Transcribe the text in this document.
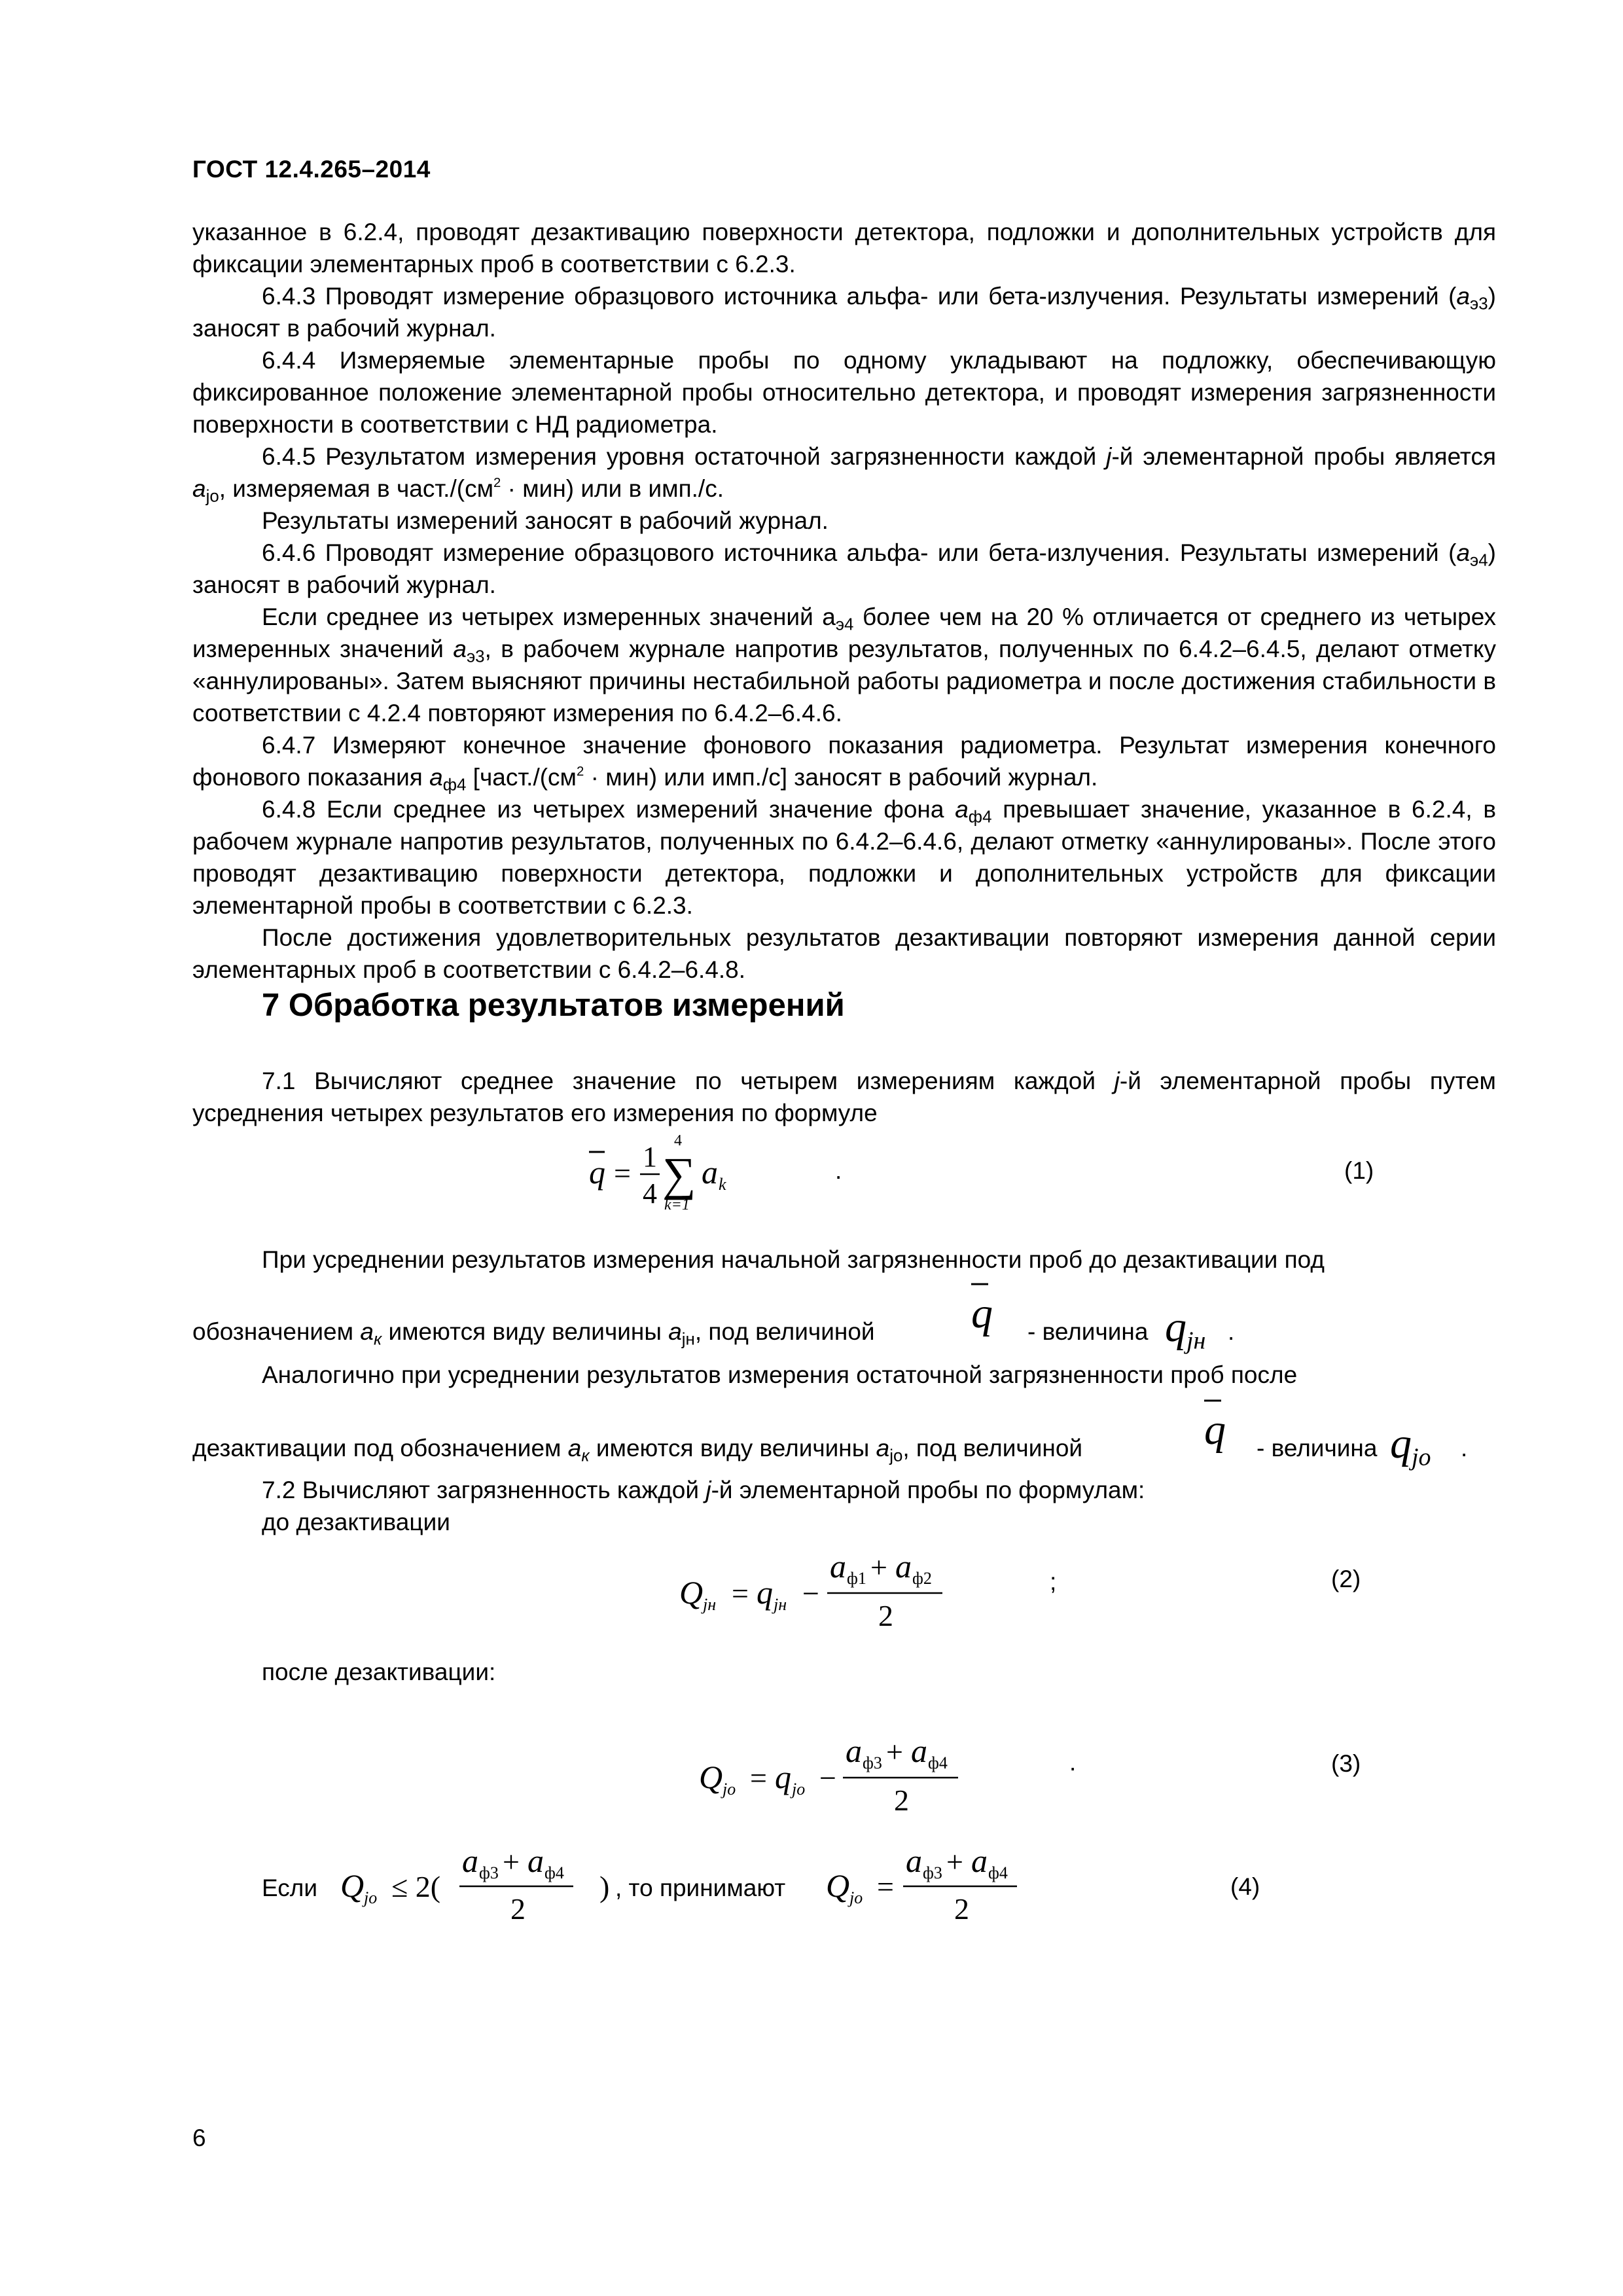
ГОСТ 12.4.265–2014

указанное в 6.2.4, проводят дезактивацию поверхности детектора, подложки и дополнительных устройств для фиксации элементарных проб в соответствии с 6.2.3.

6.4.3 Проводят измерение образцового источника альфа- или бета-излучения. Результаты измерений $(a_{э3})$ заносят в рабочий журнал.

6.4.4 Измеряемые элементарные пробы по одному укладывают на подложку, обеспечивающую фиксированное положение элементарной пробы относительно детектора, и проводят измерения загрязненности поверхности в соответствии с НД радиометра.

6.4.5 Результатом измерения уровня остаточной загрязненности каждой j-й элементарной пробы является $a_{jо}$, измеряемая в $част./(см^2 \cdot мин)$ или в имп./с.

Результаты измерений заносят в рабочий журнал.

6.4.6 Проводят измерение образцового источника альфа- или бета-излучения. Результаты измерений $(a_{э4})$ заносят в рабочий журнал.

Если среднее из четырех измеренных значений $а_{э4}$ более чем на 20 % отличается от среднего из четырех измеренных значений $a_{э3}$, в рабочем журнале напротив результатов, полученных по 6.4.2–6.4.5, делают отметку «аннулированы». Затем выясняют причины нестабильной работы радиометра и после достижения стабильности в соответствии с 4.2.4 повторяют измерения по 6.4.2–6.4.6.

6.4.7 Измеряют конечное значение фонового показания радиометра. Результат измерения конечного фонового показания $a_{ф4}$ [$част./(см^2 \cdot мин)$ или имп./с] заносят в рабочий журнал.

6.4.8 Если среднее из четырех измерений значение фона $a_{ф4}$ превышает значение, указанное в 6.2.4, в рабочем журнале напротив результатов, полученных по 6.4.2–6.4.6, делают отметку «аннулированы». После этого проводят дезактивацию поверхности детектора, подложки и дополнительных устройств для фиксации элементарной пробы в соответствии с 6.2.3.

После достижения удовлетворительных результатов дезактивации повторяют измерения данной серии элементарных проб в соответствии с 6.4.2–6.4.8.

7 Обработка результатов измерений

7.1 Вычисляют среднее значение по четырем измерениям каждой j-й элементарной пробы путем усреднения четырех результатов его измерения по формуле

q = 1
4
4
∑
k=1
a k
.	(1)
При усреднении результатов измерения начальной загрязненности проб до дезактивации под
обозначением $a_к$ имеются виду величины $a_{jн}$, под величиной q - величина qjн .
Аналогично при усреднении результатов измерения остаточной загрязненности проб после
дезактивации под обозначением $a_к$ имеются виду величины $a_{jо}$, под величиной	q - величина qjо .
7.2 Вычисляют загрязненность каждой j-й элементарной пробы по формулам:
до дезактивации
Q jн = q jн −
a ф1 + a ф2
2
;	(2)
после дезактивации:
Q jо = q jо −
a ф3 + a ф4
2
.	(3)
Если Q jо ≤ 2(
a ф3 + a ф4
2
) , то принимают Q jо =
a ф3 + a ф4
2
(4)
6
